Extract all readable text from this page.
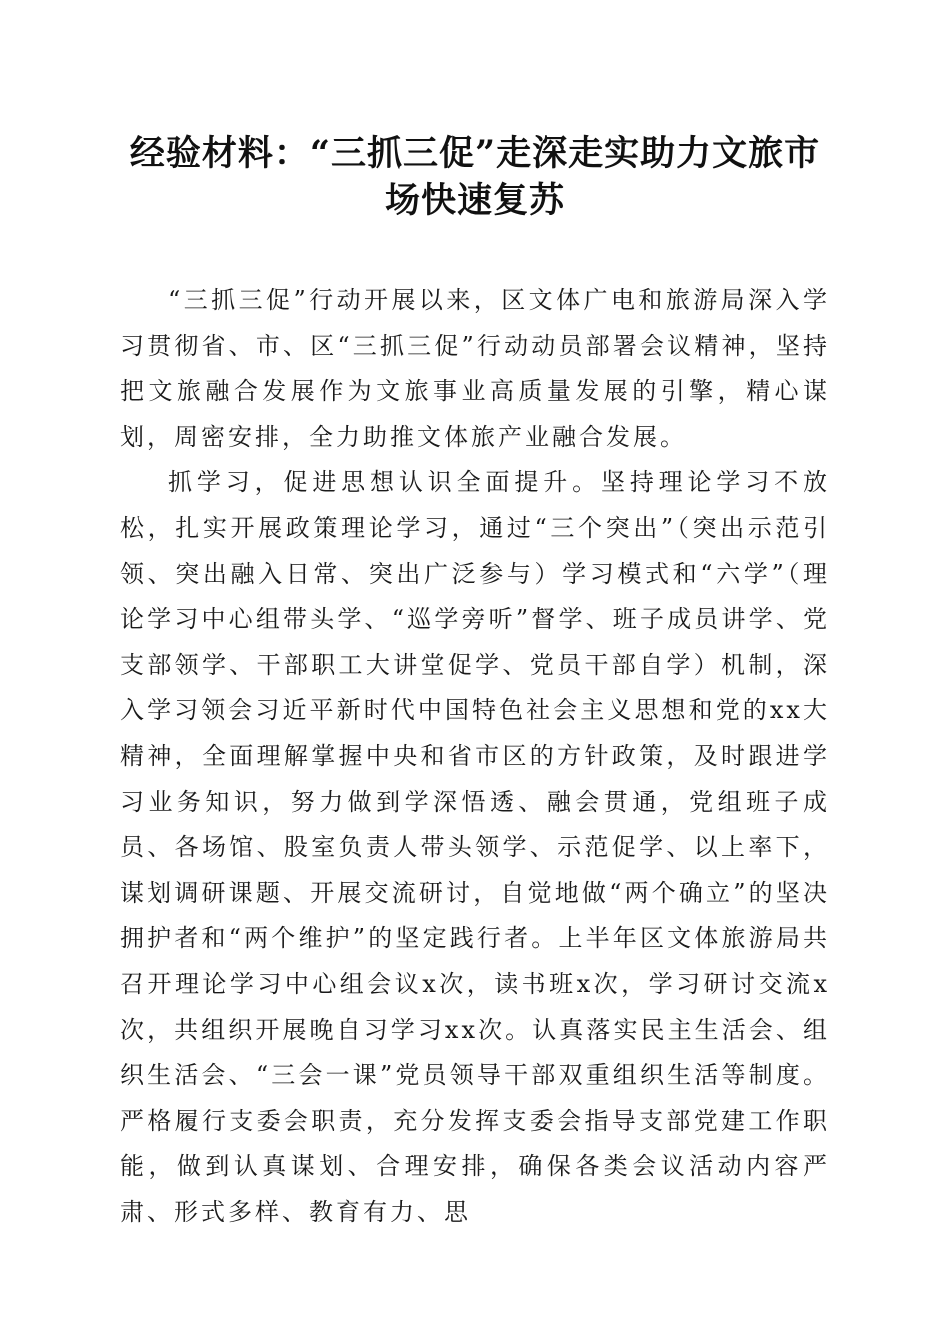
经验材料：“三抓三促”走深走实助力文旅市场快速复苏

“三抓三促”行动开展以来，区文体广电和旅游局深入学习贯彻省、市、区“三抓三促”行动动员部署会议精神，坚持把文旅融合发展作为文旅事业高质量发展的引擎，精心谋划，周密安排，全力助推文体旅产业融合发展。

抓学习，促进思想认识全面提升。坚持理论学习不放松，扎实开展政策理论学习，通过“三个突出”（突出示范引领、突出融入日常、突出广泛参与）学习模式和“六学”（理论学习中心组带头学、“巡学旁听”督学、班子成员讲学、党支部领学、干部职工大讲堂促学、党员干部自学）机制，深入学习领会习近平新时代中国特色社会主义思想和党的xx大精神，全面理解掌握中央和省市区的方针政策，及时跟进学习业务知识，努力做到学深悟透、融会贯通，党组班子成员、各场馆、股室负责人带头领学、示范促学、以上率下，谋划调研课题、开展交流研讨，自觉地做“两个确立”的坚决拥护者和“两个维护”的坚定践行者。上半年区文体旅游局共召开理论学习中心组会议x次，读书班x次，学习研讨交流x次，共组织开展晚自习学习xx次。认真落实民主生活会、组织生活会、“三会一课”党员领导干部双重组织生活等制度。严格履行支委会职责，充分发挥支委会指导支部党建工作职能，做到认真谋划、合理安排，确保各类会议活动内容严肃、形式多样、教育有力、思
